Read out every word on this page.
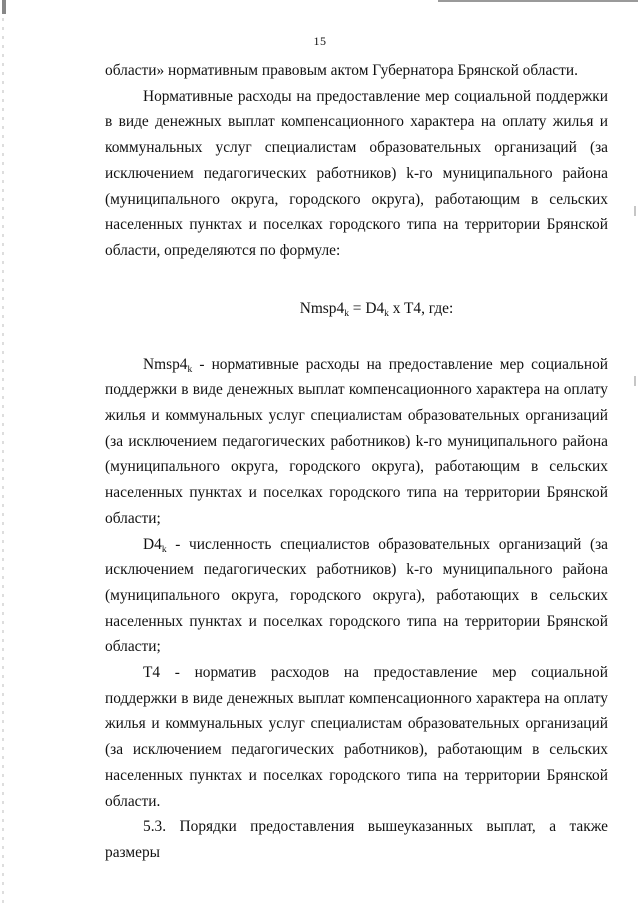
15

области» нормативным правовым актом Губернатора Брянской области.

Нормативные расходы на предоставление мер социальной поддержки в виде денежных выплат компенсационного характера на оплату жилья и коммунальных услуг специалистам образовательных организаций (за исключением педагогических работников) k-го муниципального района (муниципального округа, городского округа), работающим в сельских населенных пунктах и поселках городского типа на территории Брянской области, определяются по формуле:

$Nmsp4_k = D4_k$ x T4, где:

$Nmsp4_k$ - нормативные расходы на предоставление мер социальной поддержки в виде денежных выплат компенсационного характера на оплату жилья и коммунальных услуг специалистам образовательных организаций (за исключением педагогических работников) k-го муниципального района (муниципального округа, городского округа), работающим в сельских населенных пунктах и поселках городского типа на территории Брянской области;

$D4_k$ - численность специалистов образовательных организаций (за исключением педагогических работников) k-го муниципального района (муниципального округа, городского округа), работающих в сельских населенных пунктах и поселках городского типа на территории Брянской области;

T4 - норматив расходов на предоставление мер социальной поддержки в виде денежных выплат компенсационного характера на оплату жилья и коммунальных услуг специалистам образовательных организаций (за исключением педагогических работников), работающим в сельских населенных пунктах и поселках городского типа на территории Брянской области.

5.3. Порядки предоставления вышеуказанных выплат, а также размеры
